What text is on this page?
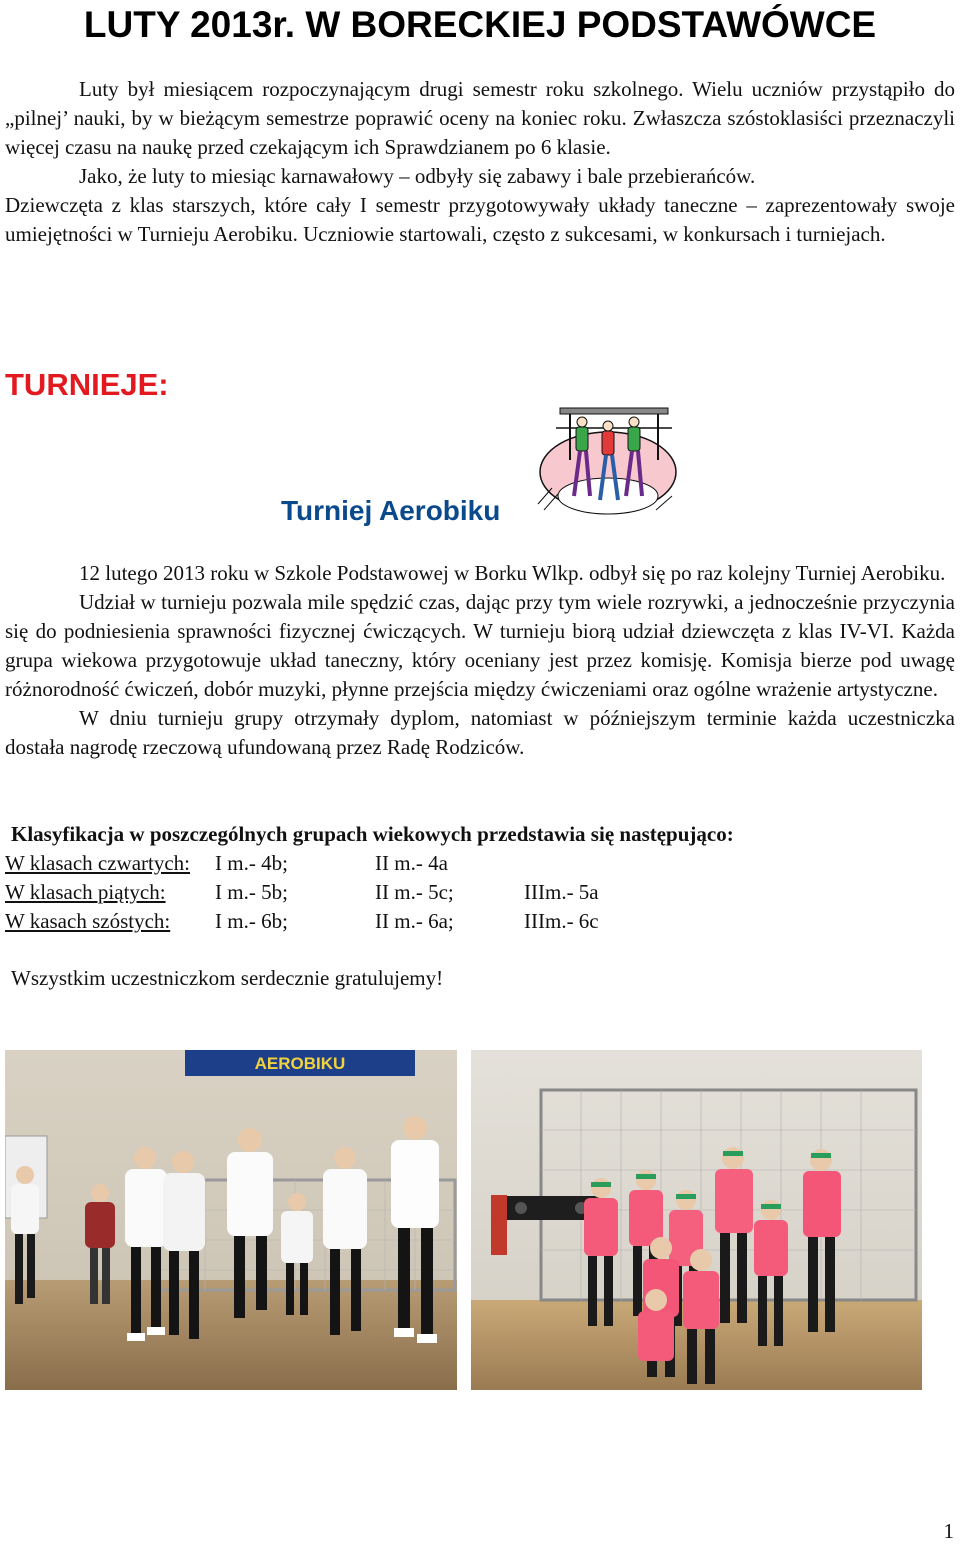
LUTY 2013r. W BORECKIEJ PODSTAWÓWCE

Luty był miesiącem rozpoczynającym drugi semestr roku szkolnego. Wielu uczniów przystąpiło do „pilnej’ nauki, by w bieżącym semestrze poprawić oceny na koniec roku. Zwłaszcza szóstoklasiści przeznaczyli więcej czasu na naukę przed czekającym ich Sprawdzianem po 6 klasie.

Jako, że luty to miesiąc karnawałowy – odbyły się zabawy i bale przebierańców.

Dziewczęta z klas starszych, które cały I semestr przygotowywały układy taneczne – zaprezentowały swoje umiejętności w Turnieju Aerobiku. Uczniowie startowali, często z sukcesami, w konkursach i turniejach.

TURNIEJE:
Turniej Aerobiku

12 lutego 2013 roku w Szkole Podstawowej w Borku Wlkp. odbył się po raz kolejny Turniej Aerobiku.

Udział w turnieju pozwala mile spędzić czas, dając przy tym wiele rozrywki, a jednocześnie przyczynia się do podniesienia sprawności fizycznej ćwiczących. W turnieju biorą udział dziewczęta z klas IV-VI. Każda grupa wiekowa przygotowuje układ taneczny, który oceniany jest przez komisję. Komisja bierze pod uwagę różnorodność ćwiczeń, dobór muzyki, płynne przejścia między ćwiczeniami oraz ogólne wrażenie artystyczne.

W dniu turnieju grupy otrzymały dyplom, natomiast w późniejszym terminie każda uczestniczka dostała nagrodę rzeczową ufundowaną przez Radę Rodziców.

Klasyfikacja w poszczególnych grupach wiekowych przedstawia się następująco:
W klasach czwartych: I m.- 4b;	II m.- 4a
W klasach piątych: I m.- 5b;	II m.- 5c;	IIIm.- 5a
W kasach szóstych: I m.- 6b;	II m.- 6a;	IIIm.- 6c
Wszystkim uczestniczkom serdecznie gratulujemy!
AEROBIKU
1
